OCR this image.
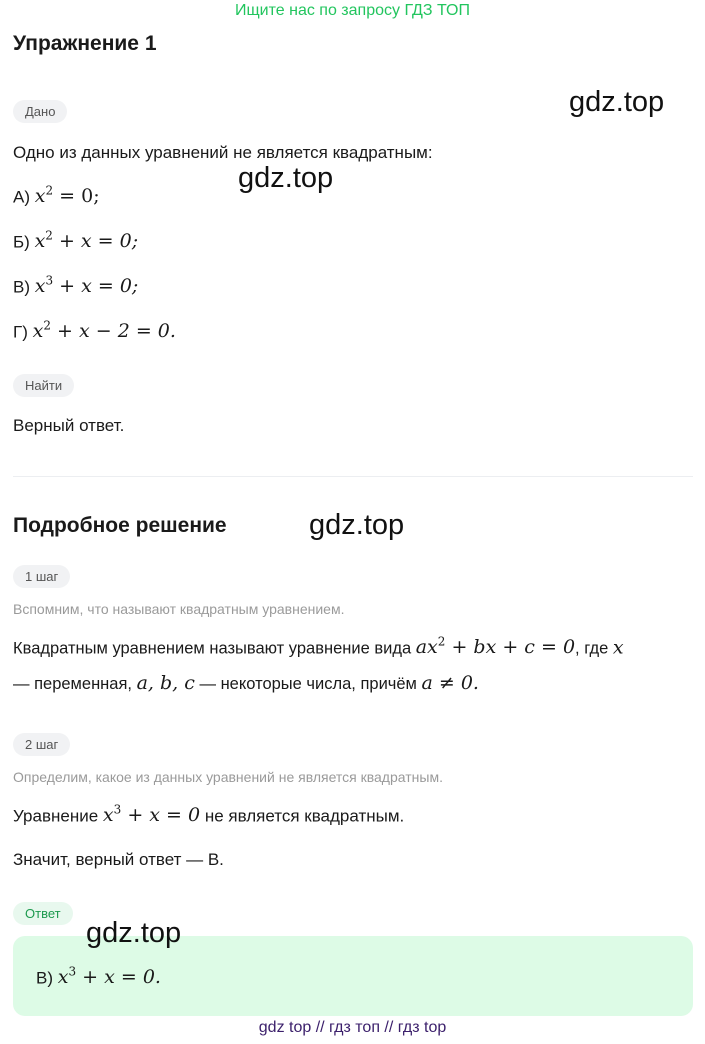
Ищите нас по запросу ГДЗ ТОП
Упражнение 1
gdz.top
Дано
Одно из данных уравнений не является квадратным:
gdz.top
А) $x^2 = 0$;
Б) $x^2 + x = 0$;
В) $x^3 + x = 0$;
Г) $x^2 + x - 2 = 0$.
Найти
Верный ответ.
Подробное решение	gdz.top
1 шаг
Вспомним, что называют квадратным уравнением.
Квадратным уравнением называют уравнение вида $ax^2$ + bx + c = 0, где x
— переменная, a, b, c — некоторые числа, причём a ≠ 0.
2 шаг
Определим, какое из данных уравнений не является квадратным.
Уравнение $x^3 + x = 0$ не является квадратным.
Значит, верный ответ — В.
Ответ
В) $x^3 + x = 0$.
gdz.top
gdz top // гдз топ // гдз top
